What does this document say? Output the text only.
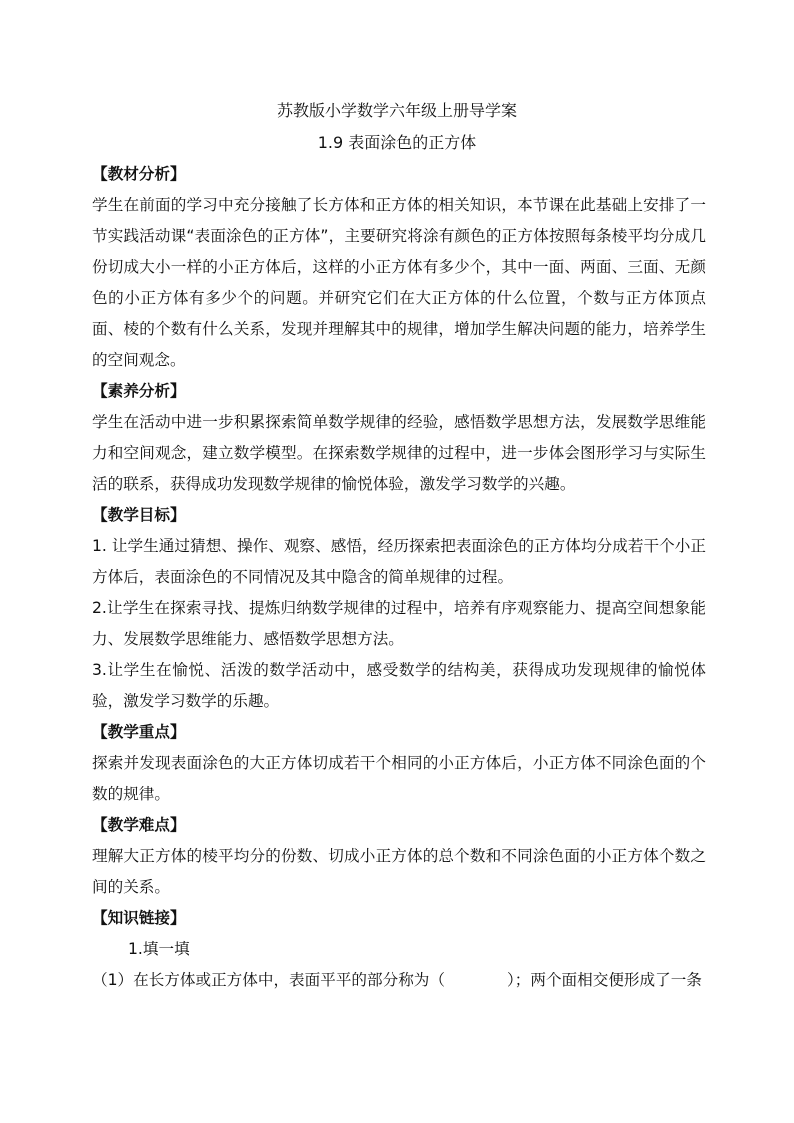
苏教版小学数学六年级上册导学案
1.9 表面涂色的正方体

【教材分析】

学生在前面的学习中充分接触了长方体和正方体的相关知识，本节课在此基础上安排了一节实践活动课“表面涂色的正方体”，主要研究将涂有颜色的正方体按照每条棱平均分成几份切成大小一样的小正方体后，这样的小正方体有多少个，其中一面、两面、三面、无颜色的小正方体有多少个的问题。并研究它们在大正方体的什么位置，个数与正方体顶点面、棱的个数有什么关系，发现并理解其中的规律，增加学生解决问题的能力，培养学生的空间观念。

【素养分析】

学生在活动中进一步积累探索简单数学规律的经验，感悟数学思想方法，发展数学思维能力和空间观念，建立数学模型。在探索数学规律的过程中，进一步体会图形学习与实际生活的联系，获得成功发现数学规律的愉悦体验，激发学习数学的兴趣。

【教学目标】

1. 让学生通过猜想、操作、观察、感悟，经历探索把表面涂色的正方体均分成若干个小正方体后，表面涂色的不同情况及其中隐含的简单规律的过程。

2.让学生在探索寻找、提炼归纳数学规律的过程中，培养有序观察能力、提高空间想象能力、发展数学思维能力、感悟数学思想方法。

3.让学生在愉悦、活泼的数学活动中，感受数学的结构美，获得成功发现规律的愉悦体验，激发学习数学的乐趣。

【教学重点】

探索并发现表面涂色的大正方体切成若干个相同的小正方体后，小正方体不同涂色面的个数的规律。

【教学难点】

理解大正方体的棱平均分的份数、切成小正方体的总个数和不同涂色面的小正方体个数之间的关系。

【知识链接】

1.填一填

（1）在长方体或正方体中，表面平平的部分称为（	）；两个面相交便形成了一条
